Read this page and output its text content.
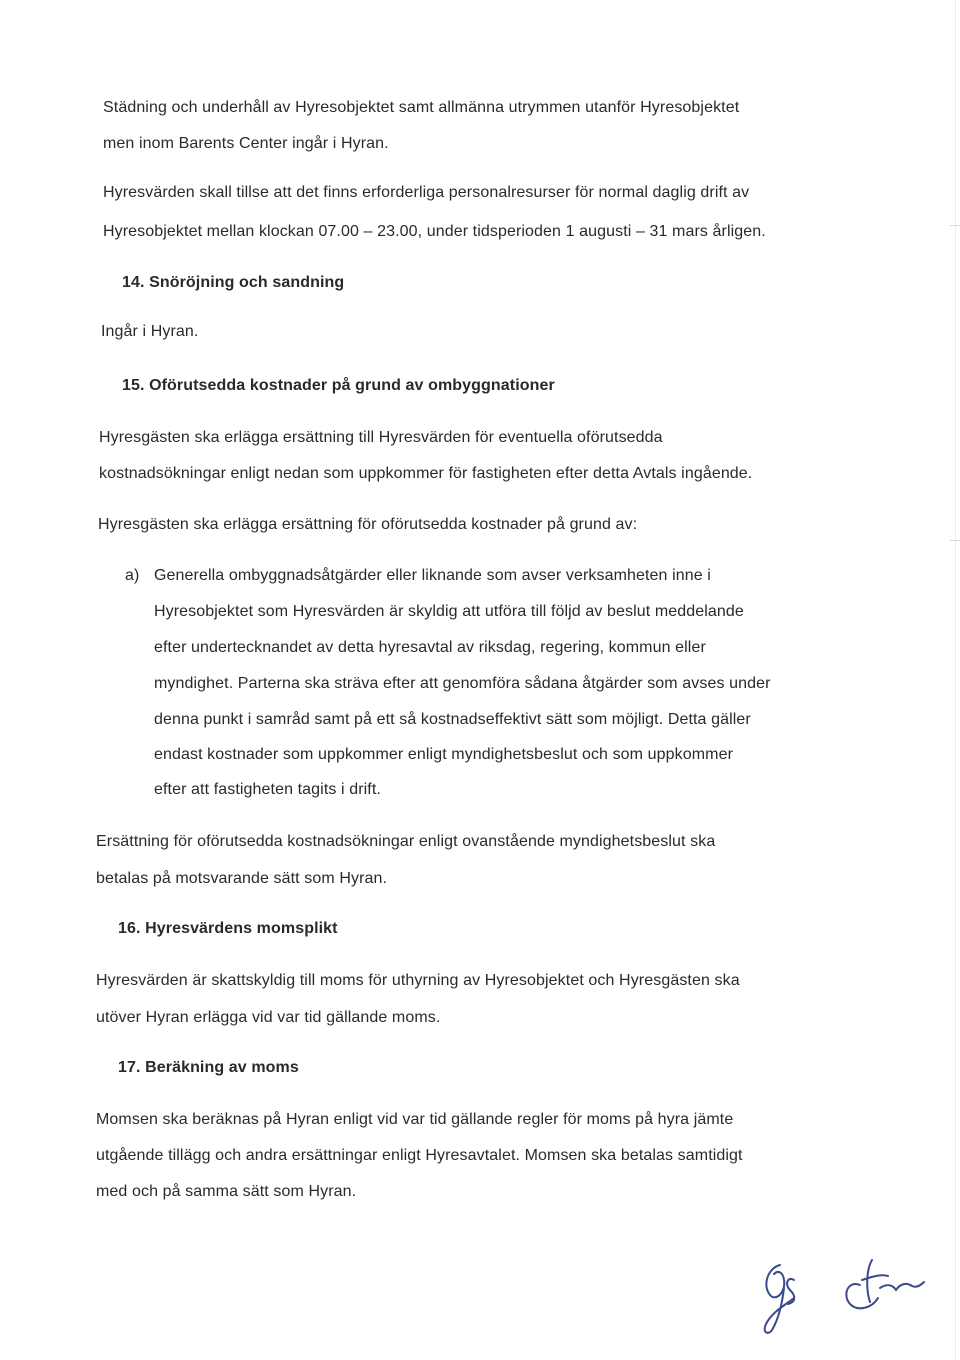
Städning och underhåll av Hyresobjektet samt allmänna utrymmen utanför Hyresobjektet
men inom Barents Center ingår i Hyran.
Hyresvärden skall tillse att det finns erforderliga personalresurser för normal daglig drift av
Hyresobjektet mellan klockan 07.00 – 23.00, under tidsperioden 1 augusti – 31 mars årligen.
14. Snöröjning och sandning
Ingår i Hyran.
15. Oförutsedda kostnader på grund av ombyggnationer
Hyresgästen ska erlägga ersättning till Hyresvärden för eventuella oförutsedda
kostnadsökningar enligt nedan som uppkommer för fastigheten efter detta Avtals ingående.
Hyresgästen ska erlägga ersättning för oförutsedda kostnader på grund av:
a) Generella ombyggnadsåtgärder eller liknande som avser verksamheten inne i
Hyresobjektet som Hyresvärden är skyldig att utföra till följd av beslut meddelande
efter undertecknandet av detta hyresavtal av riksdag, regering, kommun eller
myndighet. Parterna ska sträva efter att genomföra sådana åtgärder som avses under
denna punkt i samråd samt på ett så kostnadseffektivt sätt som möjligt. Detta gäller
endast kostnader som uppkommer enligt myndighetsbeslut och som uppkommer
efter att fastigheten tagits i drift.
Ersättning för oförutsedda kostnadsökningar enligt ovanstående myndighetsbeslut ska
betalas på motsvarande sätt som Hyran.
16. Hyresvärdens momsplikt
Hyresvärden är skattskyldig till moms för uthyrning av Hyresobjektet och Hyresgästen ska
utöver Hyran erlägga vid var tid gällande moms.
17. Beräkning av moms
Momsen ska beräknas på Hyran enligt vid var tid gällande regler för moms på hyra jämte
utgående tillägg och andra ersättningar enligt Hyresavtalet. Momsen ska betalas samtidigt
med och på samma sätt som Hyran.
